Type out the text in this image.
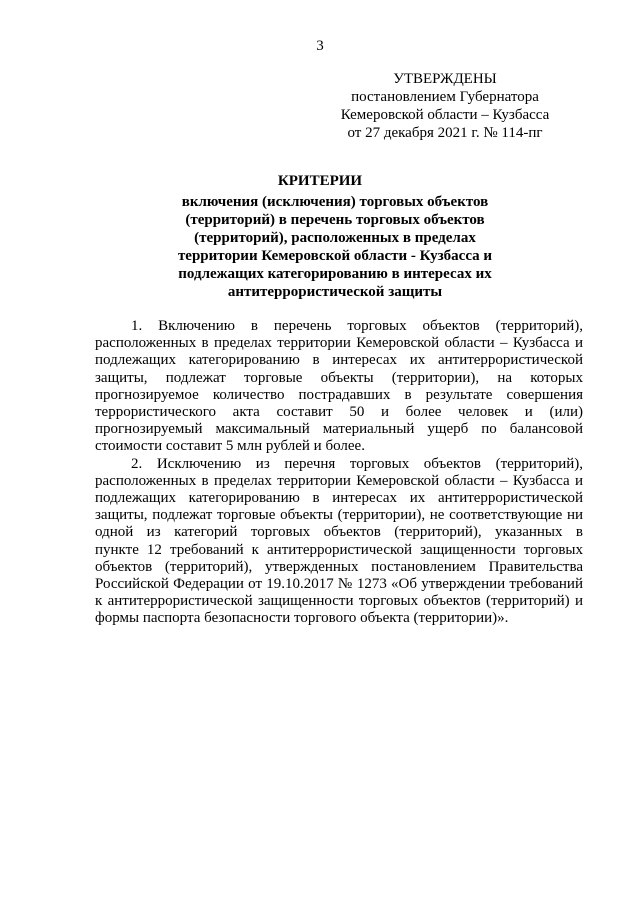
3
УТВЕРЖДЕНЫ
постановлением Губернатора
Кемеровской области – Кузбасса
от 27 декабря 2021 г. № 114-пг
КРИТЕРИИ
включения (исключения) торговых объектов
(территорий) в перечень торговых объектов
(территорий), расположенных в пределах
территории Кемеровской области - Кузбасса и
подлежащих категорированию в интересах их
антитеррористической защиты

1. Включению в перечень торговых объектов (территорий),
расположенных в пределах территории Кемеровской области – Кузбасса и
подлежащих категорированию в интересах их антитеррористической
защиты, подлежат торговые объекты (территории), на которых
прогнозируемое количество пострадавших в результате совершения
террористического акта составит 50 и более человек и (или)
прогнозируемый максимальный материальный ущерб по балансовой
стоимости составит 5 млн рублей и более.

2. Исключению из перечня торговых объектов (территорий),
расположенных в пределах территории Кемеровской области – Кузбасса и
подлежащих категорированию в интересах их антитеррористической
защиты, подлежат торговые объекты (территории), не соответствующие ни
одной из категорий торговых объектов (территорий), указанных в
пункте 12 требований к антитеррористической защищенности торговых
объектов (территорий), утвержденных постановлением Правительства
Российской Федерации от 19.10.2017 № 1273 «Об утверждении требований
к антитеррористической защищенности торговых объектов (территорий) и
формы паспорта безопасности торгового объекта (территории)».
